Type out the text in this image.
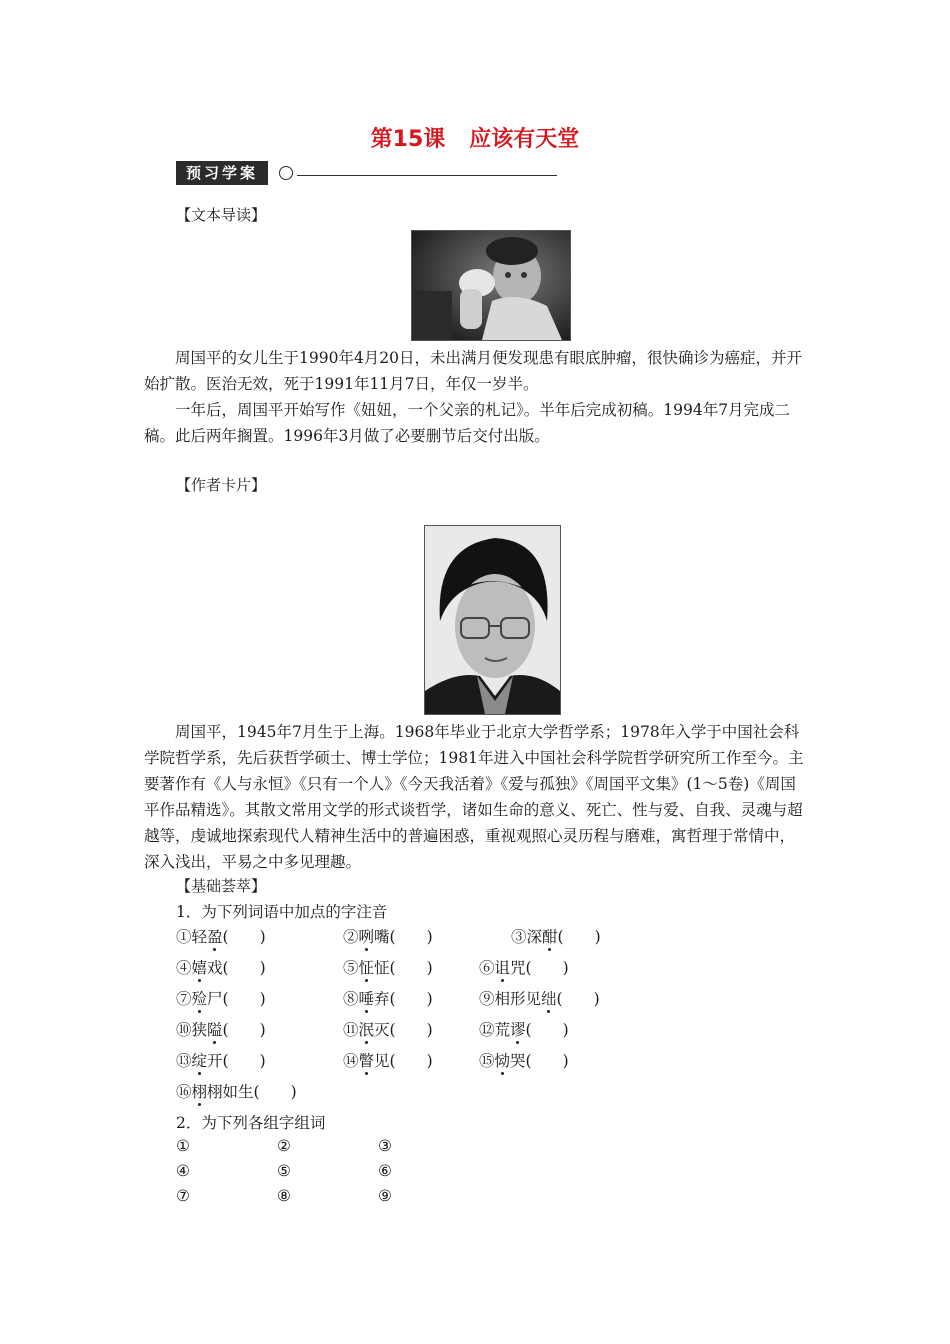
第15课 应该有天堂
预习学案
【文本导读】
周国平的女儿生于1990年4月20日，未出满月便发现患有眼底肿瘤，很快确诊为癌症，并开始扩散。医治无效，死于1991年11月7日，年仅一岁半。
一年后，周国平开始写作《妞妞，一个父亲的札记》。半年后完成初稿。1994年7月完成二稿。此后两年搁置。1996年3月做了必要删节后交付出版。
【作者卡片】
周国平，1945年7月生于上海。1968年毕业于北京大学哲学系；1978年入学于中国社会科学院哲学系，先后获哲学硕士、博士学位；1981年进入中国社会科学院哲学研究所工作至今。主要著作有《人与永恒》《只有一个人》《今天我活着》《爱与孤独》《周国平文集》(1～5卷)《周国平作品精选》。其散文常用文学的形式谈哲学，诸如生命的意义、死亡、性与爱、自我、灵魂与超越等，虔诚地探索现代人精神生活中的普遍困惑，重视观照心灵历程与磨难，寓哲理于常情中，深入浅出，平易之中多见理趣。
【基础荟萃】
1．为下列词语中加点的字注音
①轻盈(　　)	②咧嘴(　　)	③深酣(　　)
④嬉戏(　　)	⑤怔怔(　　)	⑥诅咒(　　)
⑦殓尸(　　)	⑧唾弃(　　)	⑨相形见绌(　　)
⑩狭隘(　　)	⑪泯灭(　　)	⑫荒谬(　　)
⑬绽开(　　)	⑭瞥见(　　)	⑮恸哭(　　)
⑯栩栩如生(　　)
2．为下列各组字组词
①	②	③
④	⑤	⑥
⑦	⑧	⑨
